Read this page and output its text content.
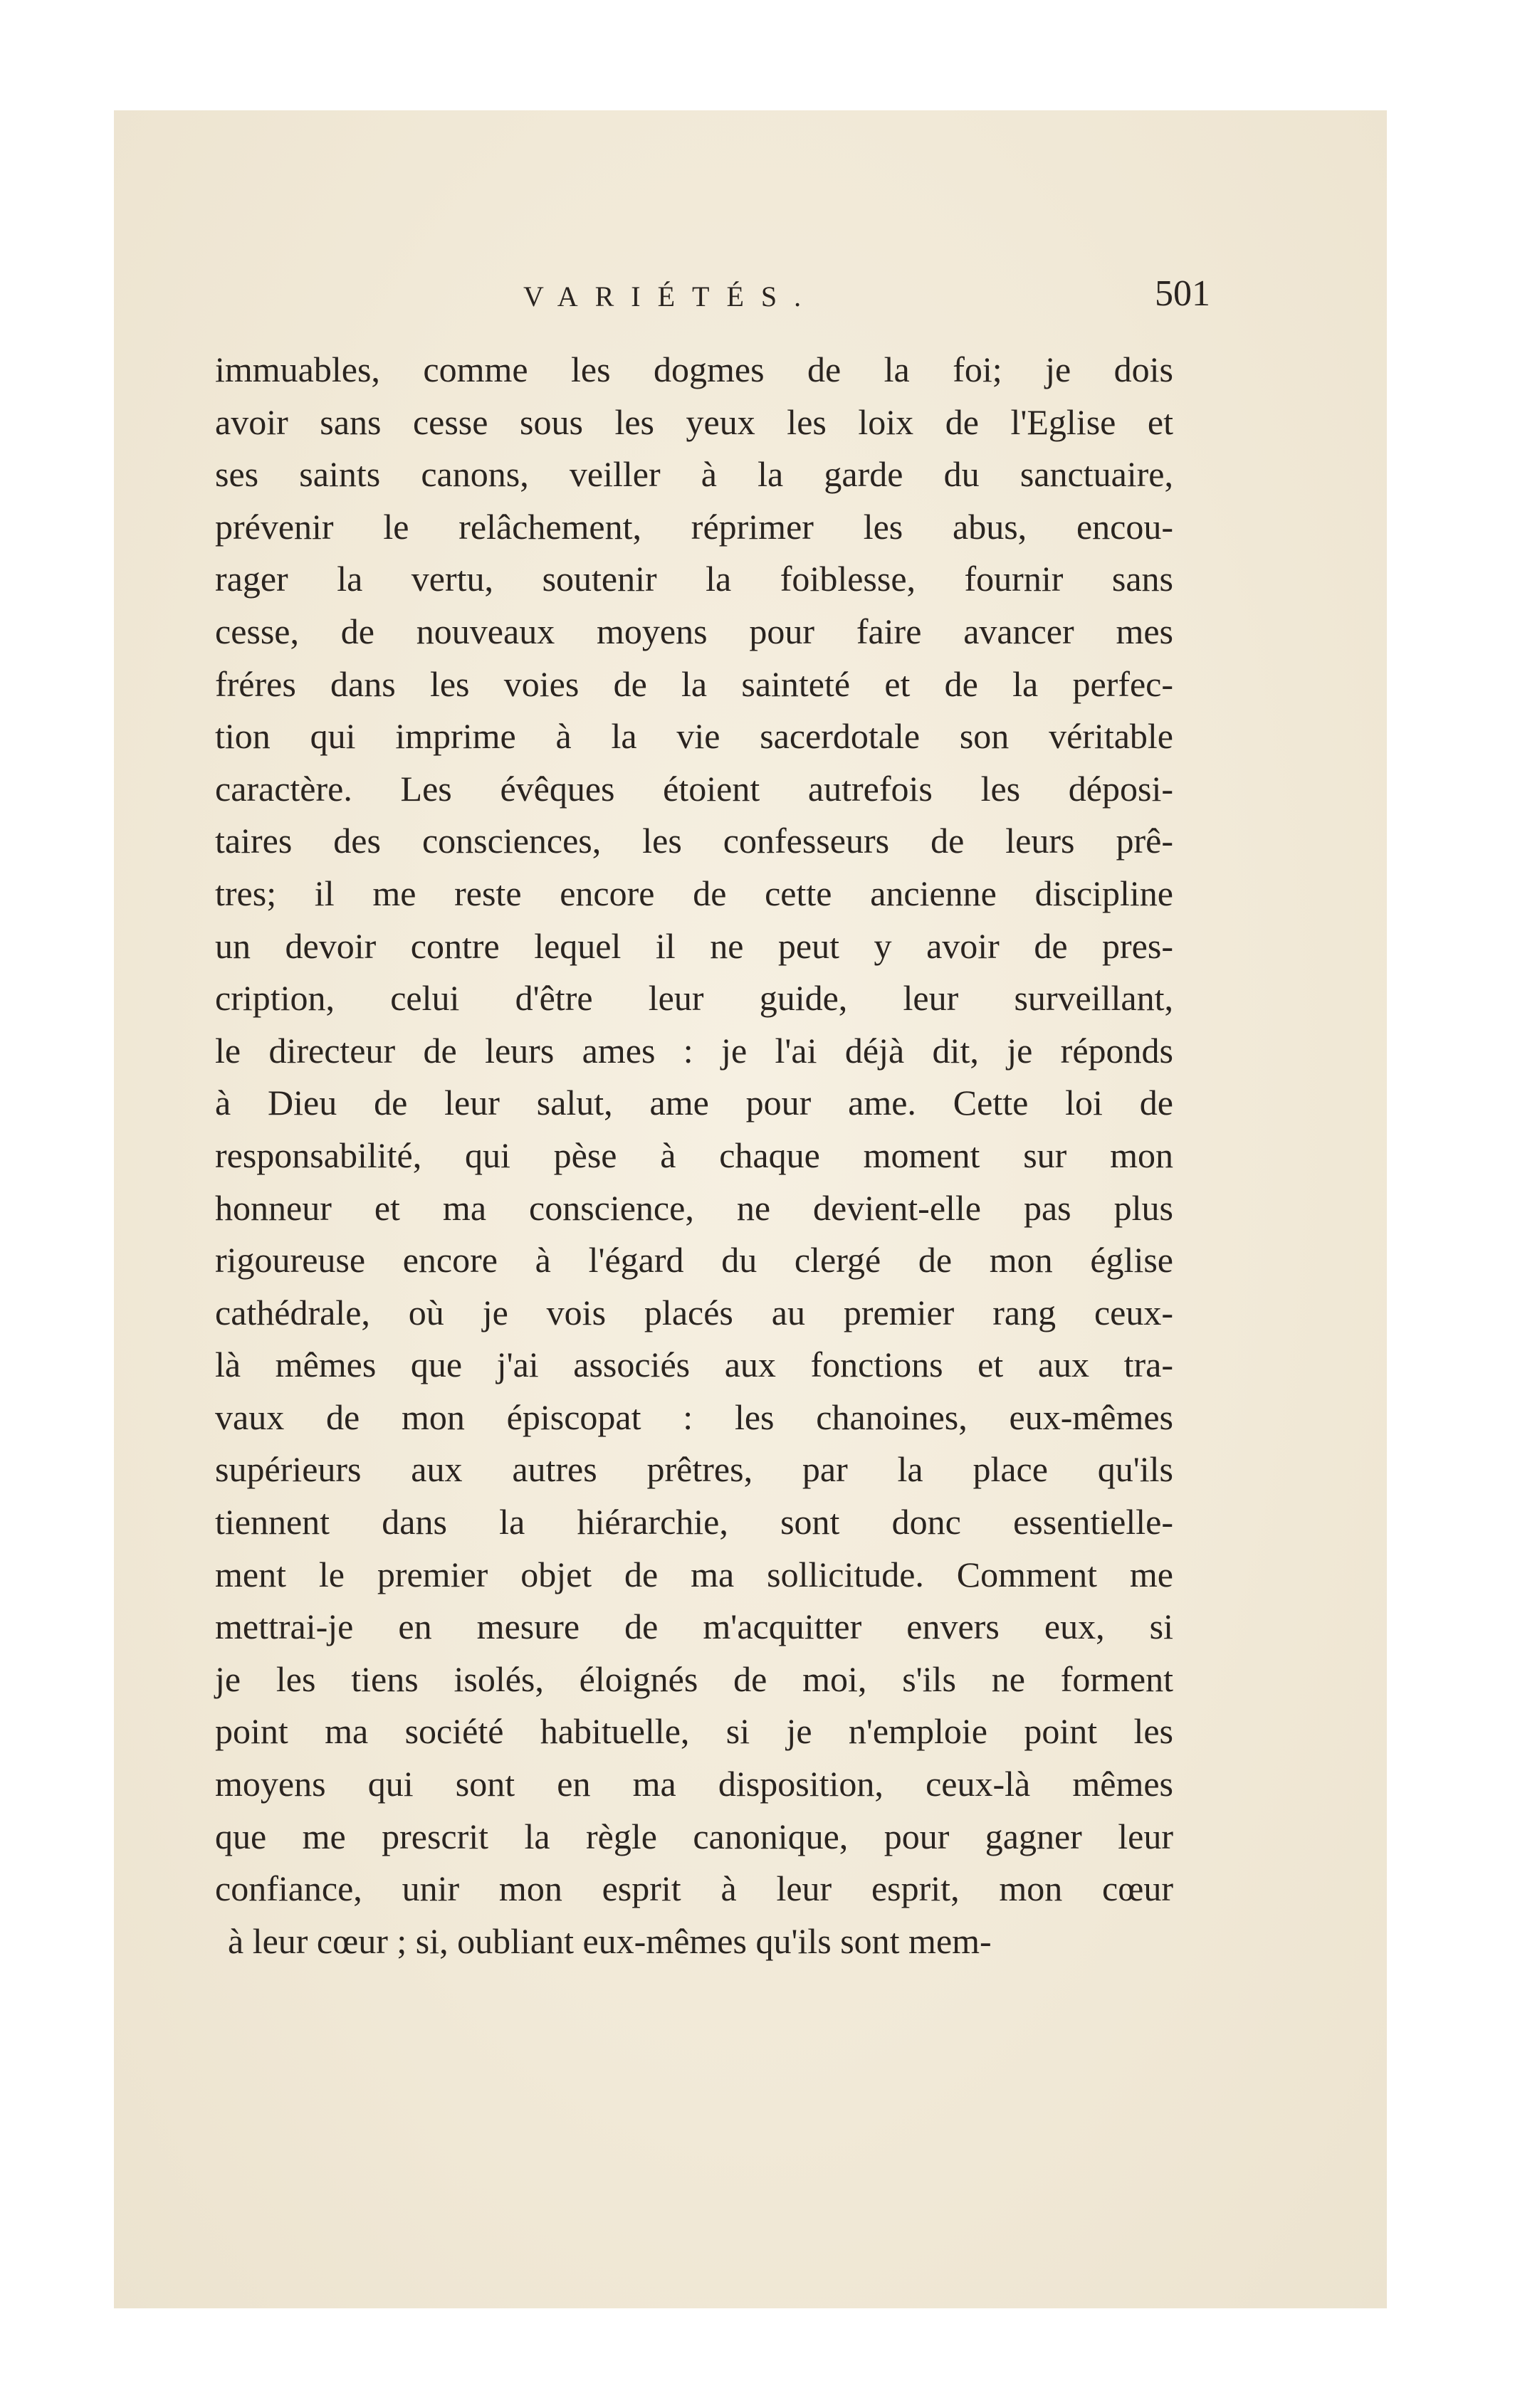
VARIÉTÉS.	501
immuables, comme les dogmes de la foi; je dois
avoir sans cesse sous les yeux les loix de l'Eglise et
ses saints canons, veiller à la garde du sanctuaire,
prévenir le relâchement, réprimer les abus, encou-
rager la vertu, soutenir la foiblesse, fournir sans
cesse, de nouveaux moyens pour faire avancer mes
fréres dans les voies de la sainteté et de la perfec-
tion qui imprime à la vie sacerdotale son véritable
caractère. Les évêques étoient autrefois les déposi-
taires des consciences, les confesseurs de leurs prê-
tres; il me reste encore de cette ancienne discipline
un devoir contre lequel il ne peut y avoir de pres-
cription, celui d'être leur guide, leur surveillant,
le directeur de leurs ames : je l'ai déjà dit, je réponds
à Dieu de leur salut, ame pour ame. Cette loi de
responsabilité, qui pèse à chaque moment sur mon
honneur et ma conscience, ne devient-elle pas plus
rigoureuse encore à l'égard du clergé de mon église
cathédrale, où je vois placés au premier rang ceux-
là mêmes que j'ai associés aux fonctions et aux tra-
vaux de mon épiscopat : les chanoines, eux-mêmes
supérieurs aux autres prêtres, par la place qu'ils
tiennent dans la hiérarchie, sont donc essentielle-
ment le premier objet de ma sollicitude. Comment me
mettrai-je en mesure de m'acquitter envers eux, si
je les tiens isolés, éloignés de moi, s'ils ne forment
point ma société habituelle, si je n'emploie point les
moyens qui sont en ma disposition, ceux-là mêmes
que me prescrit la règle canonique, pour gagner leur
confiance, unir mon esprit à leur esprit, mon cœur
à leur cœur ; si, oubliant eux-mêmes qu'ils sont mem-
